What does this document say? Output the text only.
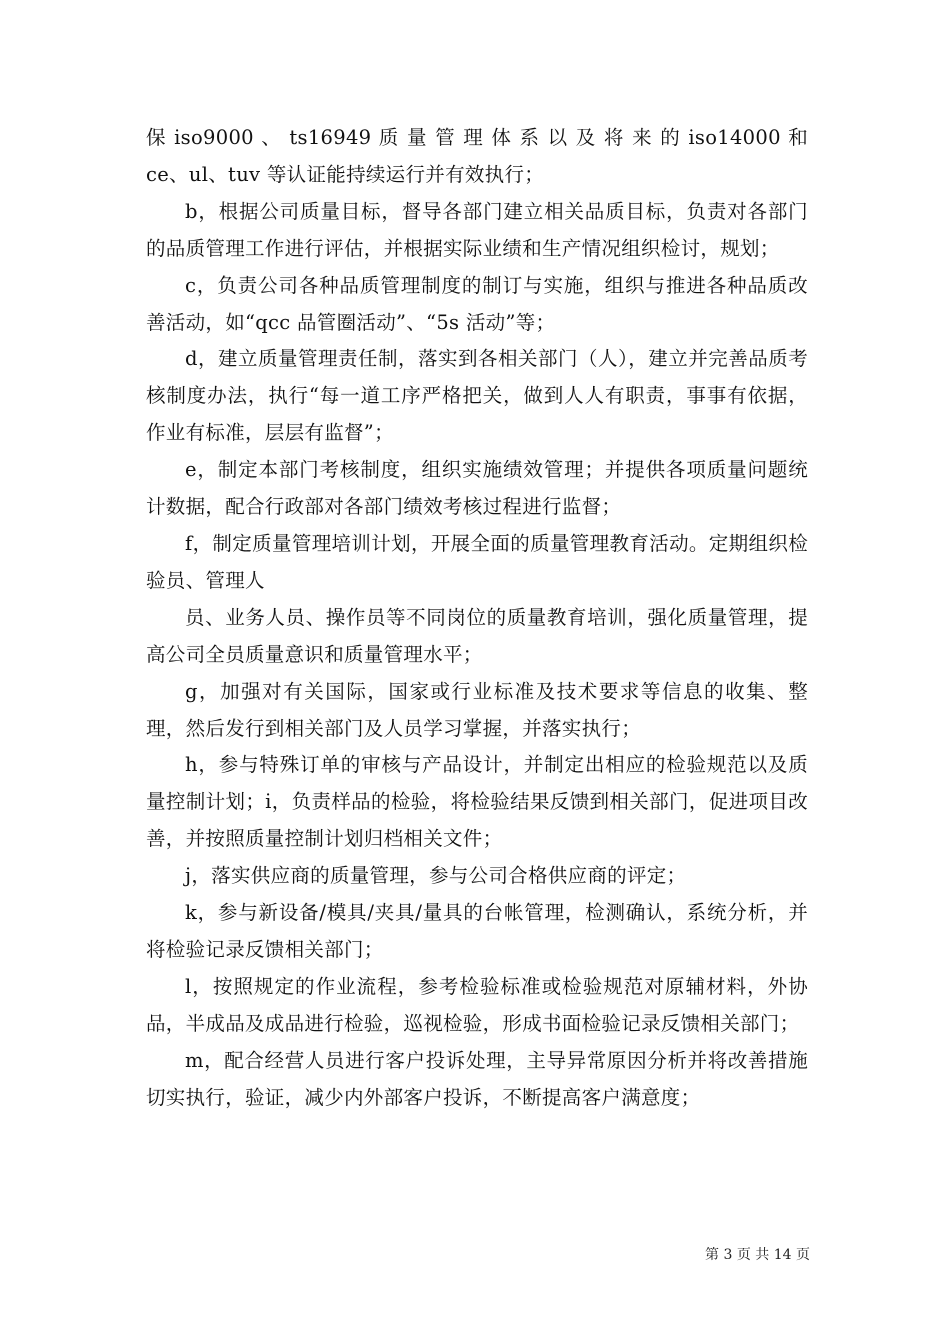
保 iso9000 、 ts16949 质 量 管 理 体 系 以 及 将 来 的 iso14000 和ce、ul、tuv 等认证能持续运行并有效执行；

b，根据公司质量目标，督导各部门建立相关品质目标，负责对各部门的品质管理工作进行评估，并根据实际业绩和生产情况组织检讨，规划；

c，负责公司各种品质管理制度的制订与实施，组织与推进各种品质改善活动，如“qcc 品管圈活动”、“5s 活动”等；

d，建立质量管理责任制，落实到各相关部门（人），建立并完善品质考核制度办法，执行“每一道工序严格把关，做到人人有职责，事事有依据，作业有标准，层层有监督”；

e，制定本部门考核制度，组织实施绩效管理；并提供各项质量问题统计数据，配合行政部对各部门绩效考核过程进行监督；

f，制定质量管理培训计划，开展全面的质量管理教育活动。定期组织检验员、管理人

员、业务人员、操作员等不同岗位的质量教育培训，强化质量管理，提高公司全员质量意识和质量管理水平；

g，加强对有关国际，国家或行业标准及技术要求等信息的收集、整理，然后发行到相关部门及人员学习掌握，并落实执行；

h，参与特殊订单的审核与产品设计，并制定出相应的检验规范以及质量控制计划；i，负责样品的检验，将检验结果反馈到相关部门，促进项目改善，并按照质量控制计划归档相关文件；

j，落实供应商的质量管理，参与公司合格供应商的评定；

k，参与新设备/模具/夹具/量具的台帐管理，检测确认，系统分析，并将检验记录反馈相关部门；

l，按照规定的作业流程，参考检验标准或检验规范对原辅材料，外协品，半成品及成品进行检验，巡视检验，形成书面检验记录反馈相关部门；

m，配合经营人员进行客户投诉处理，主导异常原因分析并将改善措施切实执行，验证，减少内外部客户投诉，不断提高客户满意度；

第 3 页 共 14 页
